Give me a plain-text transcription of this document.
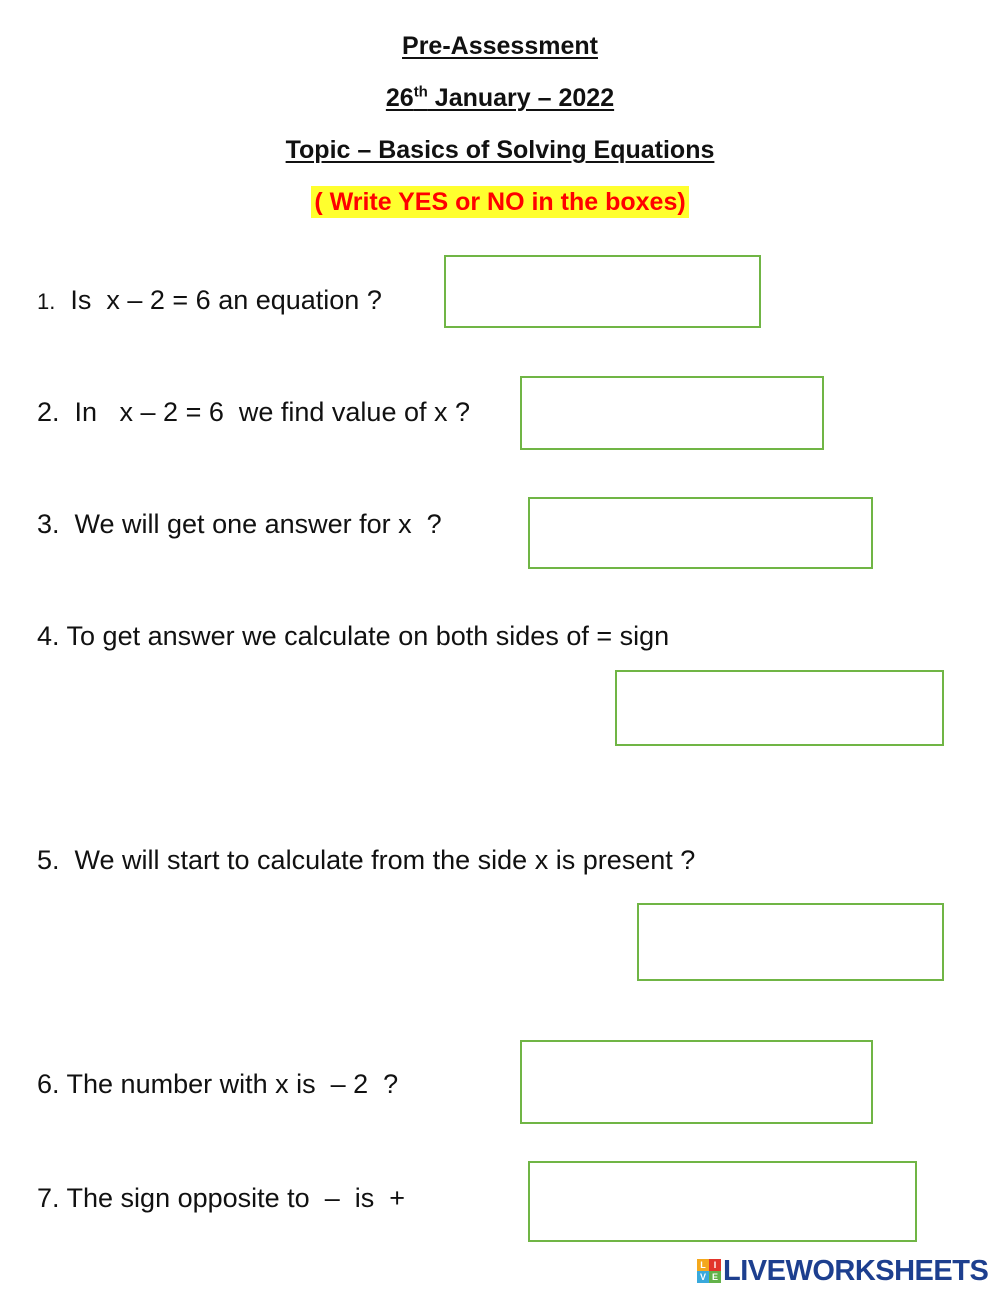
Pre-Assessment
26th January – 2022
Topic – Basics of Solving Equations
( Write YES or NO in the boxes)
1.  Is  x – 2 = 6 an equation ?
2.  In   x – 2 = 6  we find value of x ?
3.  We will get one answer for x  ?
4. To get answer we calculate on both sides of = sign
5.  We will start to calculate from the side x is present ?
6. The number with x is  – 2  ?
7. The sign opposite to  –  is  +
L I
V E LIVEWORKSHEETS
